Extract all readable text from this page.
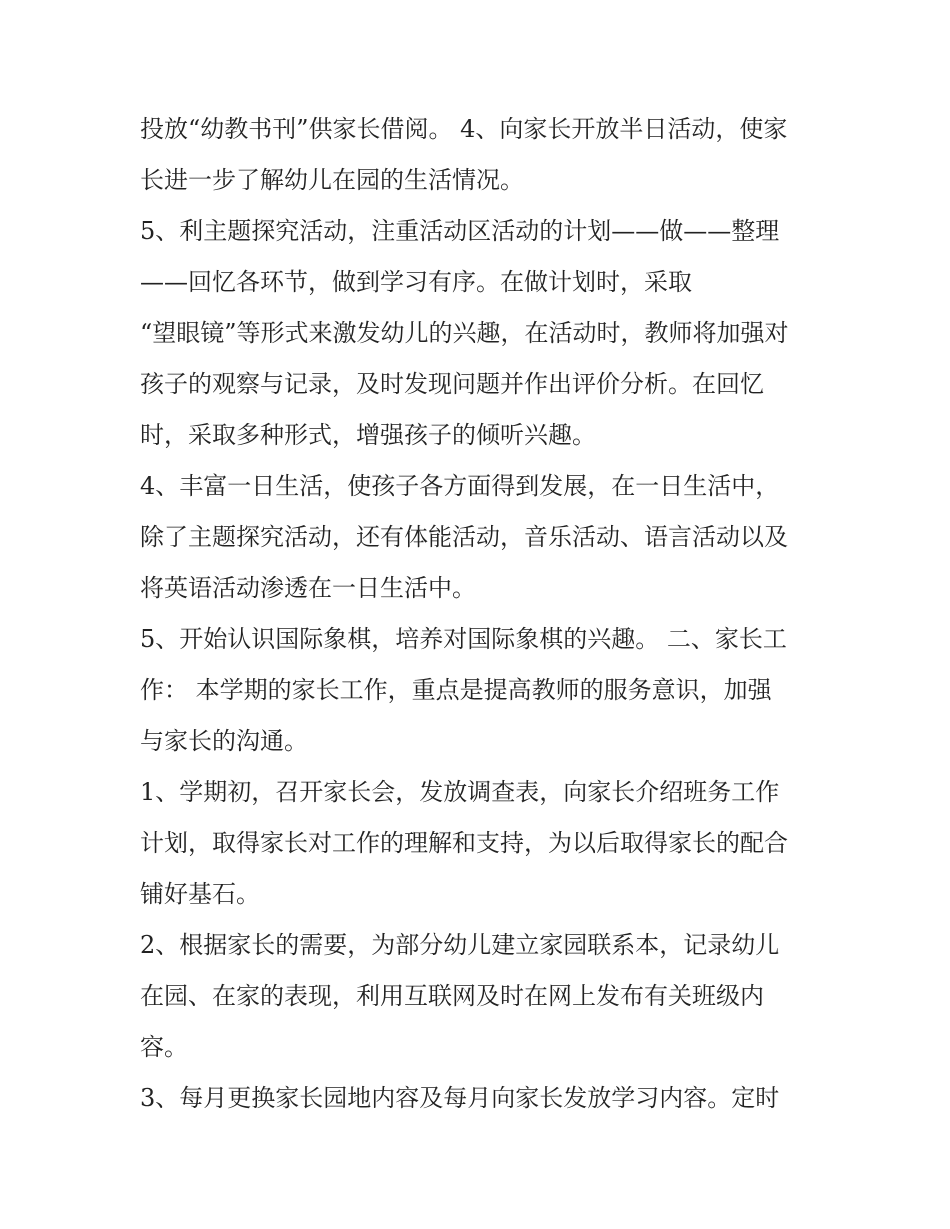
投放“幼教书刊”供家长借阅。 4、向家长开放半日活动，使家
长进一步了解幼儿在园的生活情况。

5、利主题探究活动，注重活动区活动的计划——做——整理
——回忆各环节，做到学习有序。在做计划时，采取
“望眼镜”等形式来激发幼儿的兴趣，在活动时，教师将加强对
孩子的观察与记录，及时发现问题并作出评价分析。在回忆
时，采取多种形式，增强孩子的倾听兴趣。

4、丰富一日生活，使孩子各方面得到发展，在一日生活中，
除了主题探究活动，还有体能活动，音乐活动、语言活动以及
将英语活动渗透在一日生活中。

5、开始认识国际象棋，培养对国际象棋的兴趣。 二、家长工
作： 本学期的家长工作，重点是提高教师的服务意识，加强
与家长的沟通。

1、学期初，召开家长会，发放调查表，向家长介绍班务工作
计划，取得家长对工作的理解和支持，为以后取得家长的配合
铺好基石。

2、根据家长的需要，为部分幼儿建立家园联系本，记录幼儿
在园、在家的表现，利用互联网及时在网上发布有关班级内
容。

3、每月更换家长园地内容及每月向家长发放学习内容。定时
